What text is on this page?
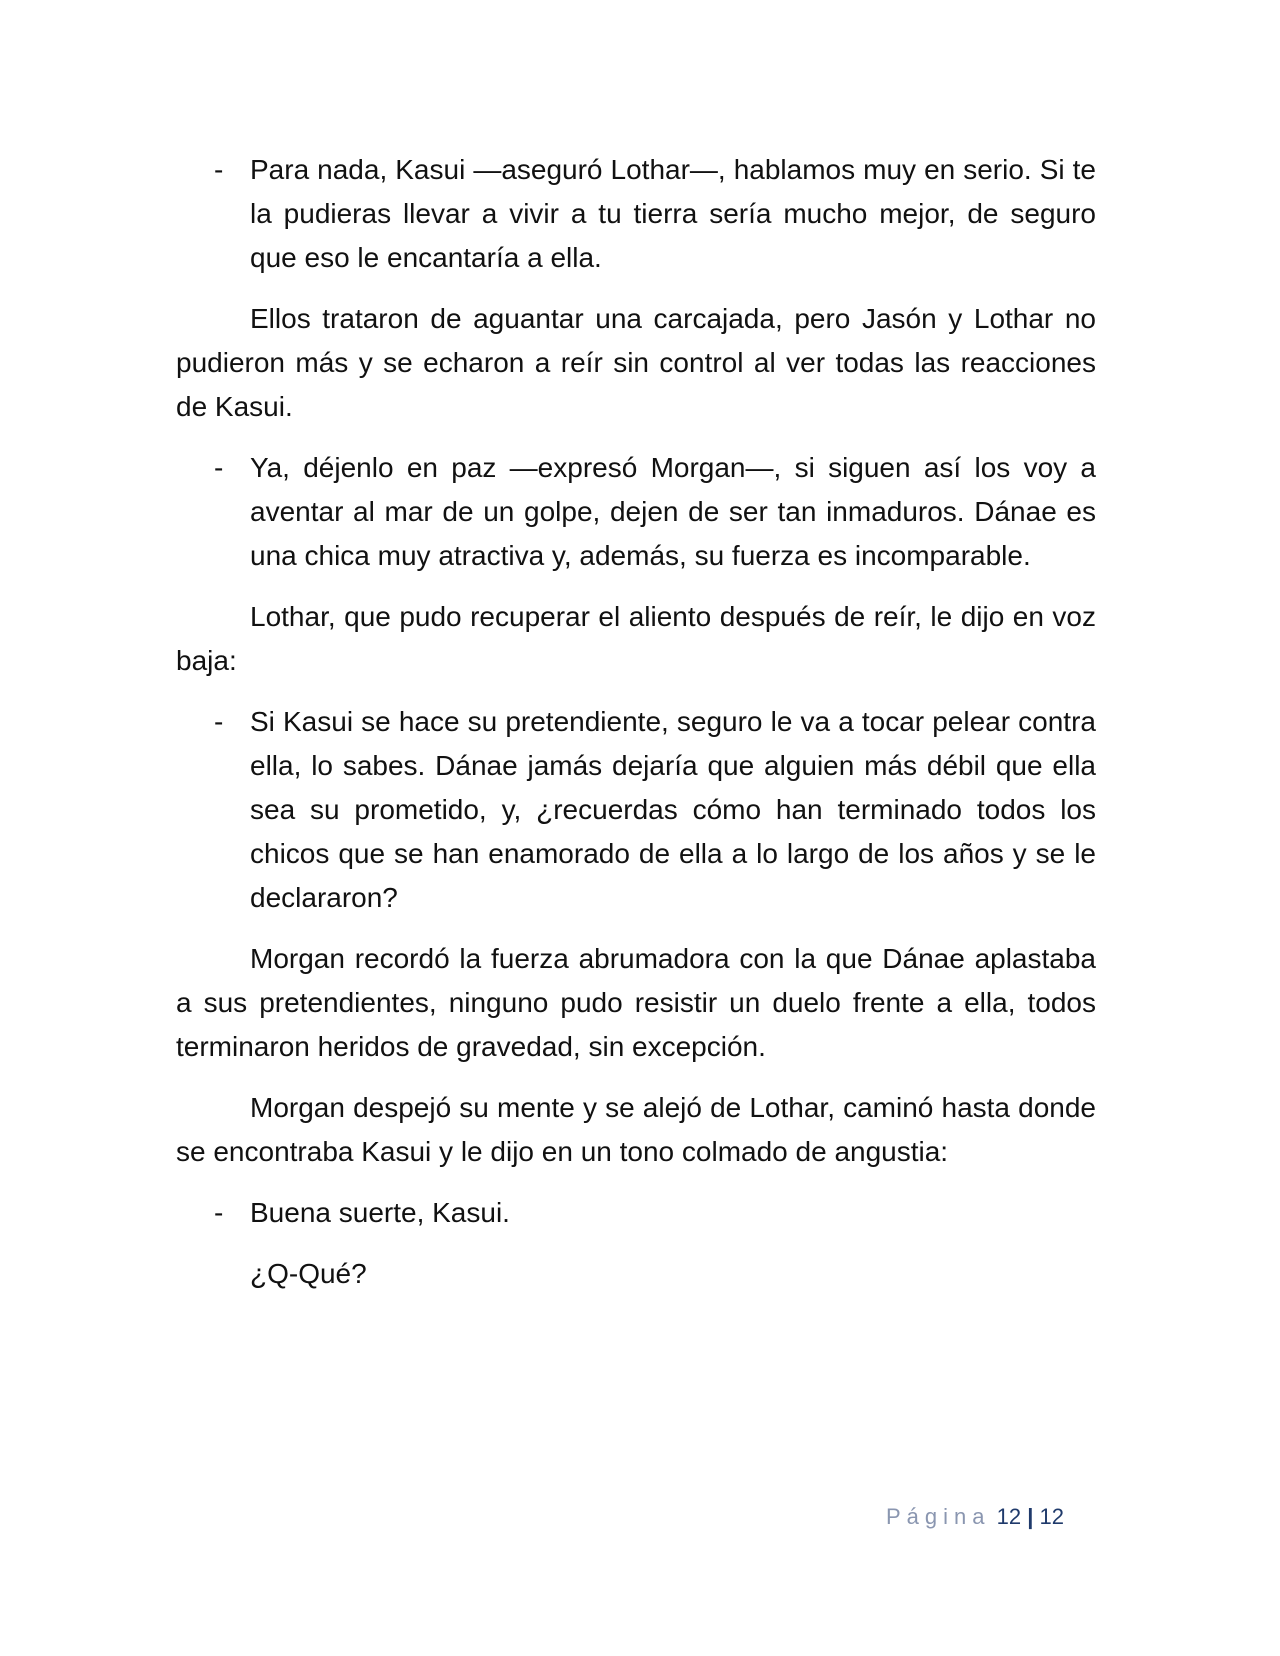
- Para nada, Kasui —aseguró Lothar—, hablamos muy en serio. Si te la pudieras llevar a vivir a tu tierra sería mucho mejor, de seguro que eso le encantaría a ella.

Ellos trataron de aguantar una carcajada, pero Jasón y Lothar no pudieron más y se echaron a reír sin control al ver todas las reacciones de Kasui.

- Ya, déjenlo en paz —expresó Morgan—, si siguen así los voy a aventar al mar de un golpe, dejen de ser tan inmaduros. Dánae es una chica muy atractiva y, además, su fuerza es incomparable.

Lothar, que pudo recuperar el aliento después de reír, le dijo en voz baja:

- Si Kasui se hace su pretendiente, seguro le va a tocar pelear contra ella, lo sabes. Dánae jamás dejaría que alguien más débil que ella sea su prometido, y, ¿recuerdas cómo han terminado todos los chicos que se han enamorado de ella a lo largo de los años y se le declararon?

Morgan recordó la fuerza abrumadora con la que Dánae aplastaba a sus pretendientes, ninguno pudo resistir un duelo frente a ella, todos terminaron heridos de gravedad, sin excepción.

Morgan despejó su mente y se alejó de Lothar, caminó hasta donde se encontraba Kasui y le dijo en un tono colmado de angustia:

- Buena suerte, Kasui.

¿Q-Qué?

Página 12 | 12
